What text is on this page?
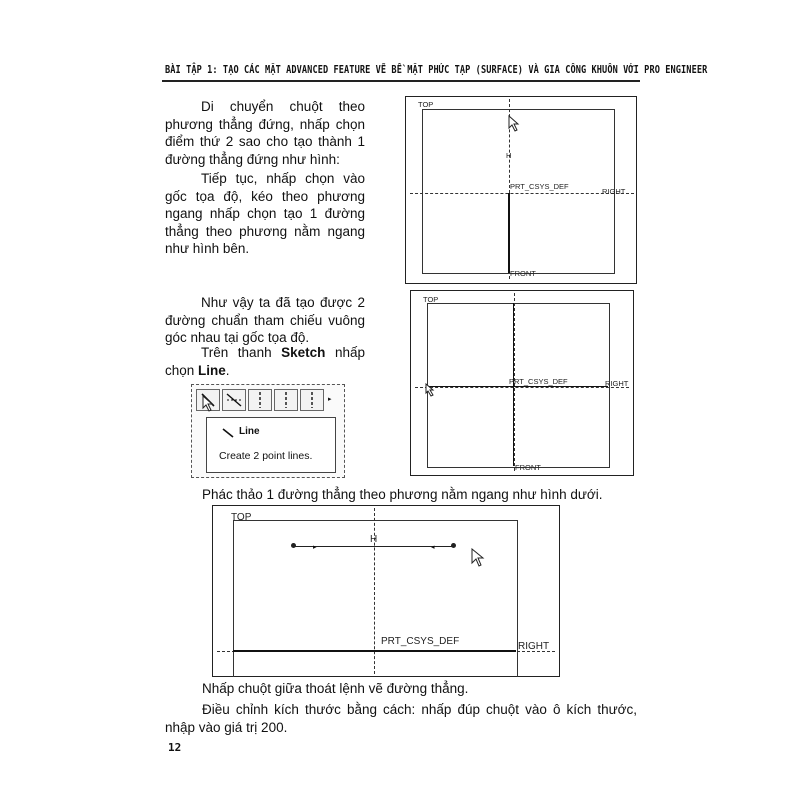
BÀI TẬP 1: TẠO CÁC MẶT ADVANCED FEATURE VẼ BỀ MẶT PHỨC TẠP (SURFACE) VÀ GIA CÔNG KHUÔN VỚI PRO ENGINEER
Di chuyển chuột theo phương thẳng đứng, nhấp chọn điểm thứ 2 sao cho tạo thành 1 đường thẳng đứng như hình:
Tiếp tục, nhấp chọn vào gốc tọa độ, kéo theo phương ngang nhấp chọn tạo 1 đường thẳng theo phương nằm ngang như hình bên.
Như vậy ta đã tạo được 2 đường chuẩn tham chiếu vuông góc nhau tại gốc tọa độ.
Trên thanh Sketch nhấp chọn Line.
TOP
PRT_CSYS_DEF
RIGHT
FRONT
H
TOP
PRT_CSYS_DEF	RIGHT
FRONT
▸
Line
Create 2 point lines.
Phác thảo 1 đường thẳng theo phương nằm ngang như hình dưới.
▸	◂
TOP
H
PRT_CSYS_DEF	RIGHT
Nhấp chuột giữa thoát lệnh vẽ đường thẳng.
Điều chỉnh kích thước bằng cách: nhấp đúp chuột vào ô kích thước, nhập vào giá trị 200.
12
